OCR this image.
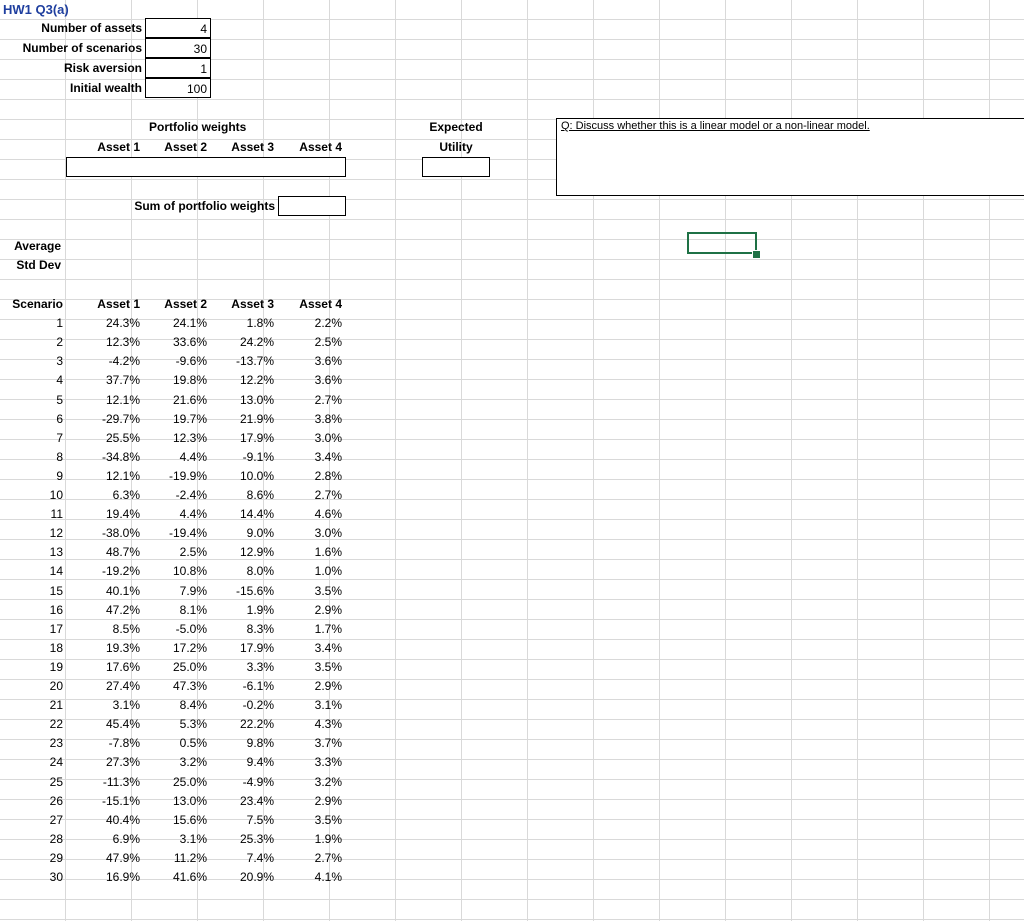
HW1 Q3(a)
Number of assets	4
Number of scenarios	30
Risk aversion	1
Initial wealth	100
Portfolio weights
Asset 1	Asset 2	Asset 3	Asset 4
Sum of portfolio weights
Expected
Utility
Q: Discuss whether this is a linear model or a non-linear model.
Average
Std Dev
Scenario	Asset 1	Asset 2	Asset 3	Asset 4
1	24.3%	24.1%	1.8%	2.2%
2	12.3%	33.6%	24.2%	2.5%
3	-4.2%	-9.6%	-13.7%	3.6%
4	37.7%	19.8%	12.2%	3.6%
5	12.1%	21.6%	13.0%	2.7%
6	-29.7%	19.7%	21.9%	3.8%
7	25.5%	12.3%	17.9%	3.0%
8	-34.8%	4.4%	-9.1%	3.4%
9	12.1%	-19.9%	10.0%	2.8%
10	6.3%	-2.4%	8.6%	2.7%
11	19.4%	4.4%	14.4%	4.6%
12	-38.0%	-19.4%	9.0%	3.0%
13	48.7%	2.5%	12.9%	1.6%
14	-19.2%	10.8%	8.0%	1.0%
15	40.1%	7.9%	-15.6%	3.5%
16	47.2%	8.1%	1.9%	2.9%
17	8.5%	-5.0%	8.3%	1.7%
18	19.3%	17.2%	17.9%	3.4%
19	17.6%	25.0%	3.3%	3.5%
20	27.4%	47.3%	-6.1%	2.9%
21	3.1%	8.4%	-0.2%	3.1%
22	45.4%	5.3%	22.2%	4.3%
23	-7.8%	0.5%	9.8%	3.7%
24	27.3%	3.2%	9.4%	3.3%
25	-11.3%	25.0%	-4.9%	3.2%
26	-15.1%	13.0%	23.4%	2.9%
27	40.4%	15.6%	7.5%	3.5%
28	6.9%	3.1%	25.3%	1.9%
29	47.9%	11.2%	7.4%	2.7%
30	16.9%	41.6%	20.9%	4.1%
